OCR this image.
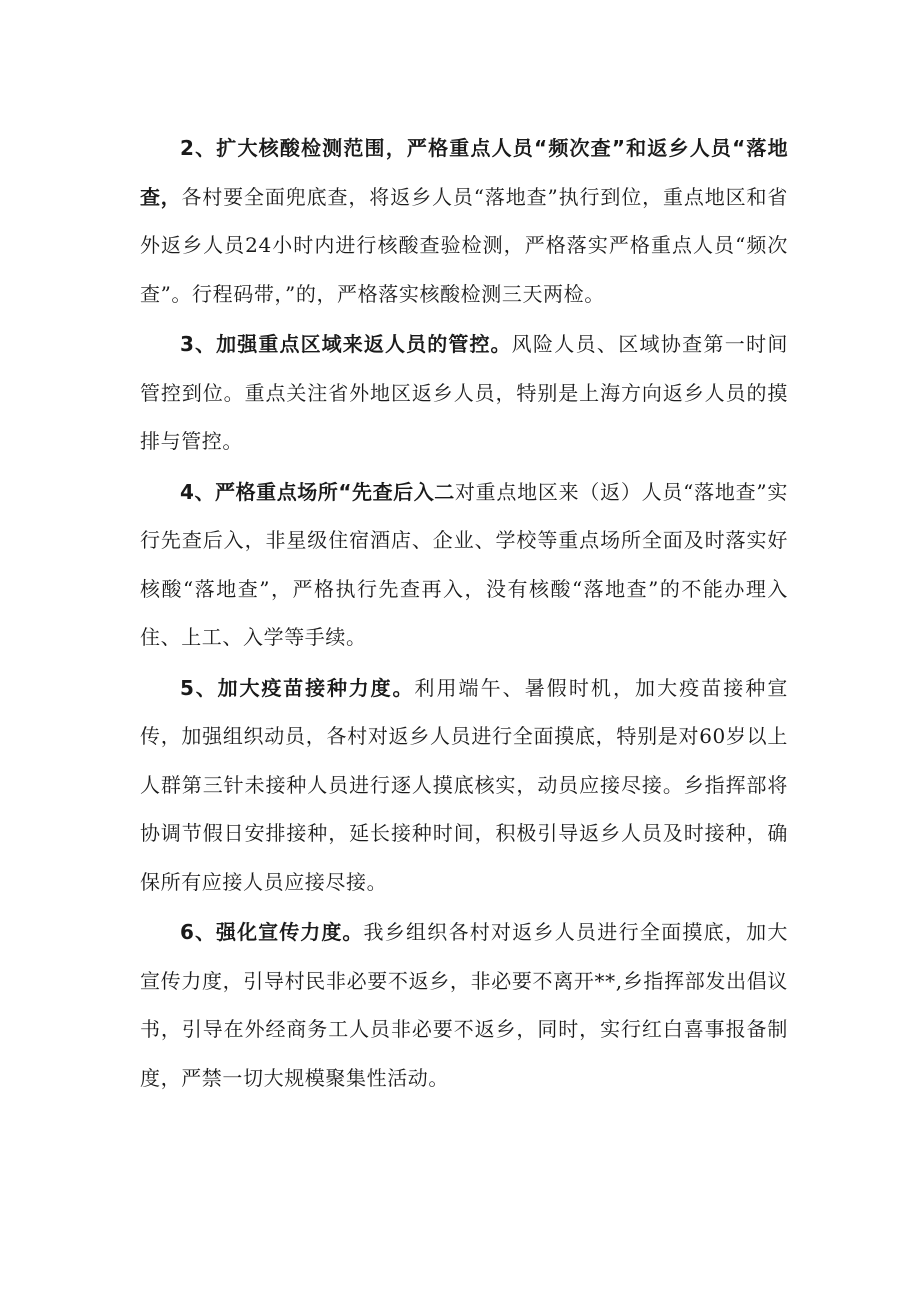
2、扩大核酸检测范围，严格重点人员“频次查”和返乡人员“落地查，各村要全面兜底查，将返乡人员“落地查”执行到位，重点地区和省外返乡人员24小时内进行核酸查验检测，严格落实严格重点人员“频次查”。行程码带，”的，严格落实核酸检测三天两检。

3、加强重点区域来返人员的管控。风险人员、区域协查第一时间管控到位。重点关注省外地区返乡人员，特别是上海方向返乡人员的摸排与管控。

4、严格重点场所“先查后入二对重点地区来（返）人员“落地查”实行先查后入，非星级住宿酒店、企业、学校等重点场所全面及时落实好核酸“落地查”，严格执行先查再入，没有核酸“落地查”的不能办理入住、上工、入学等手续。

5、加大疫苗接种力度。利用端午、暑假时机，加大疫苗接种宣传，加强组织动员，各村对返乡人员进行全面摸底，特别是对60岁以上人群第三针未接种人员进行逐人摸底核实，动员应接尽接。乡指挥部将协调节假日安排接种，延长接种时间，积极引导返乡人员及时接种，确保所有应接人员应接尽接。

6、强化宣传力度。我乡组织各村对返乡人员进行全面摸底，加大宣传力度，引导村民非必要不返乡，非必要不离开**,乡指挥部发出倡议书，引导在外经商务工人员非必要不返乡，同时，实行红白喜事报备制度，严禁一切大规模聚集性活动。
